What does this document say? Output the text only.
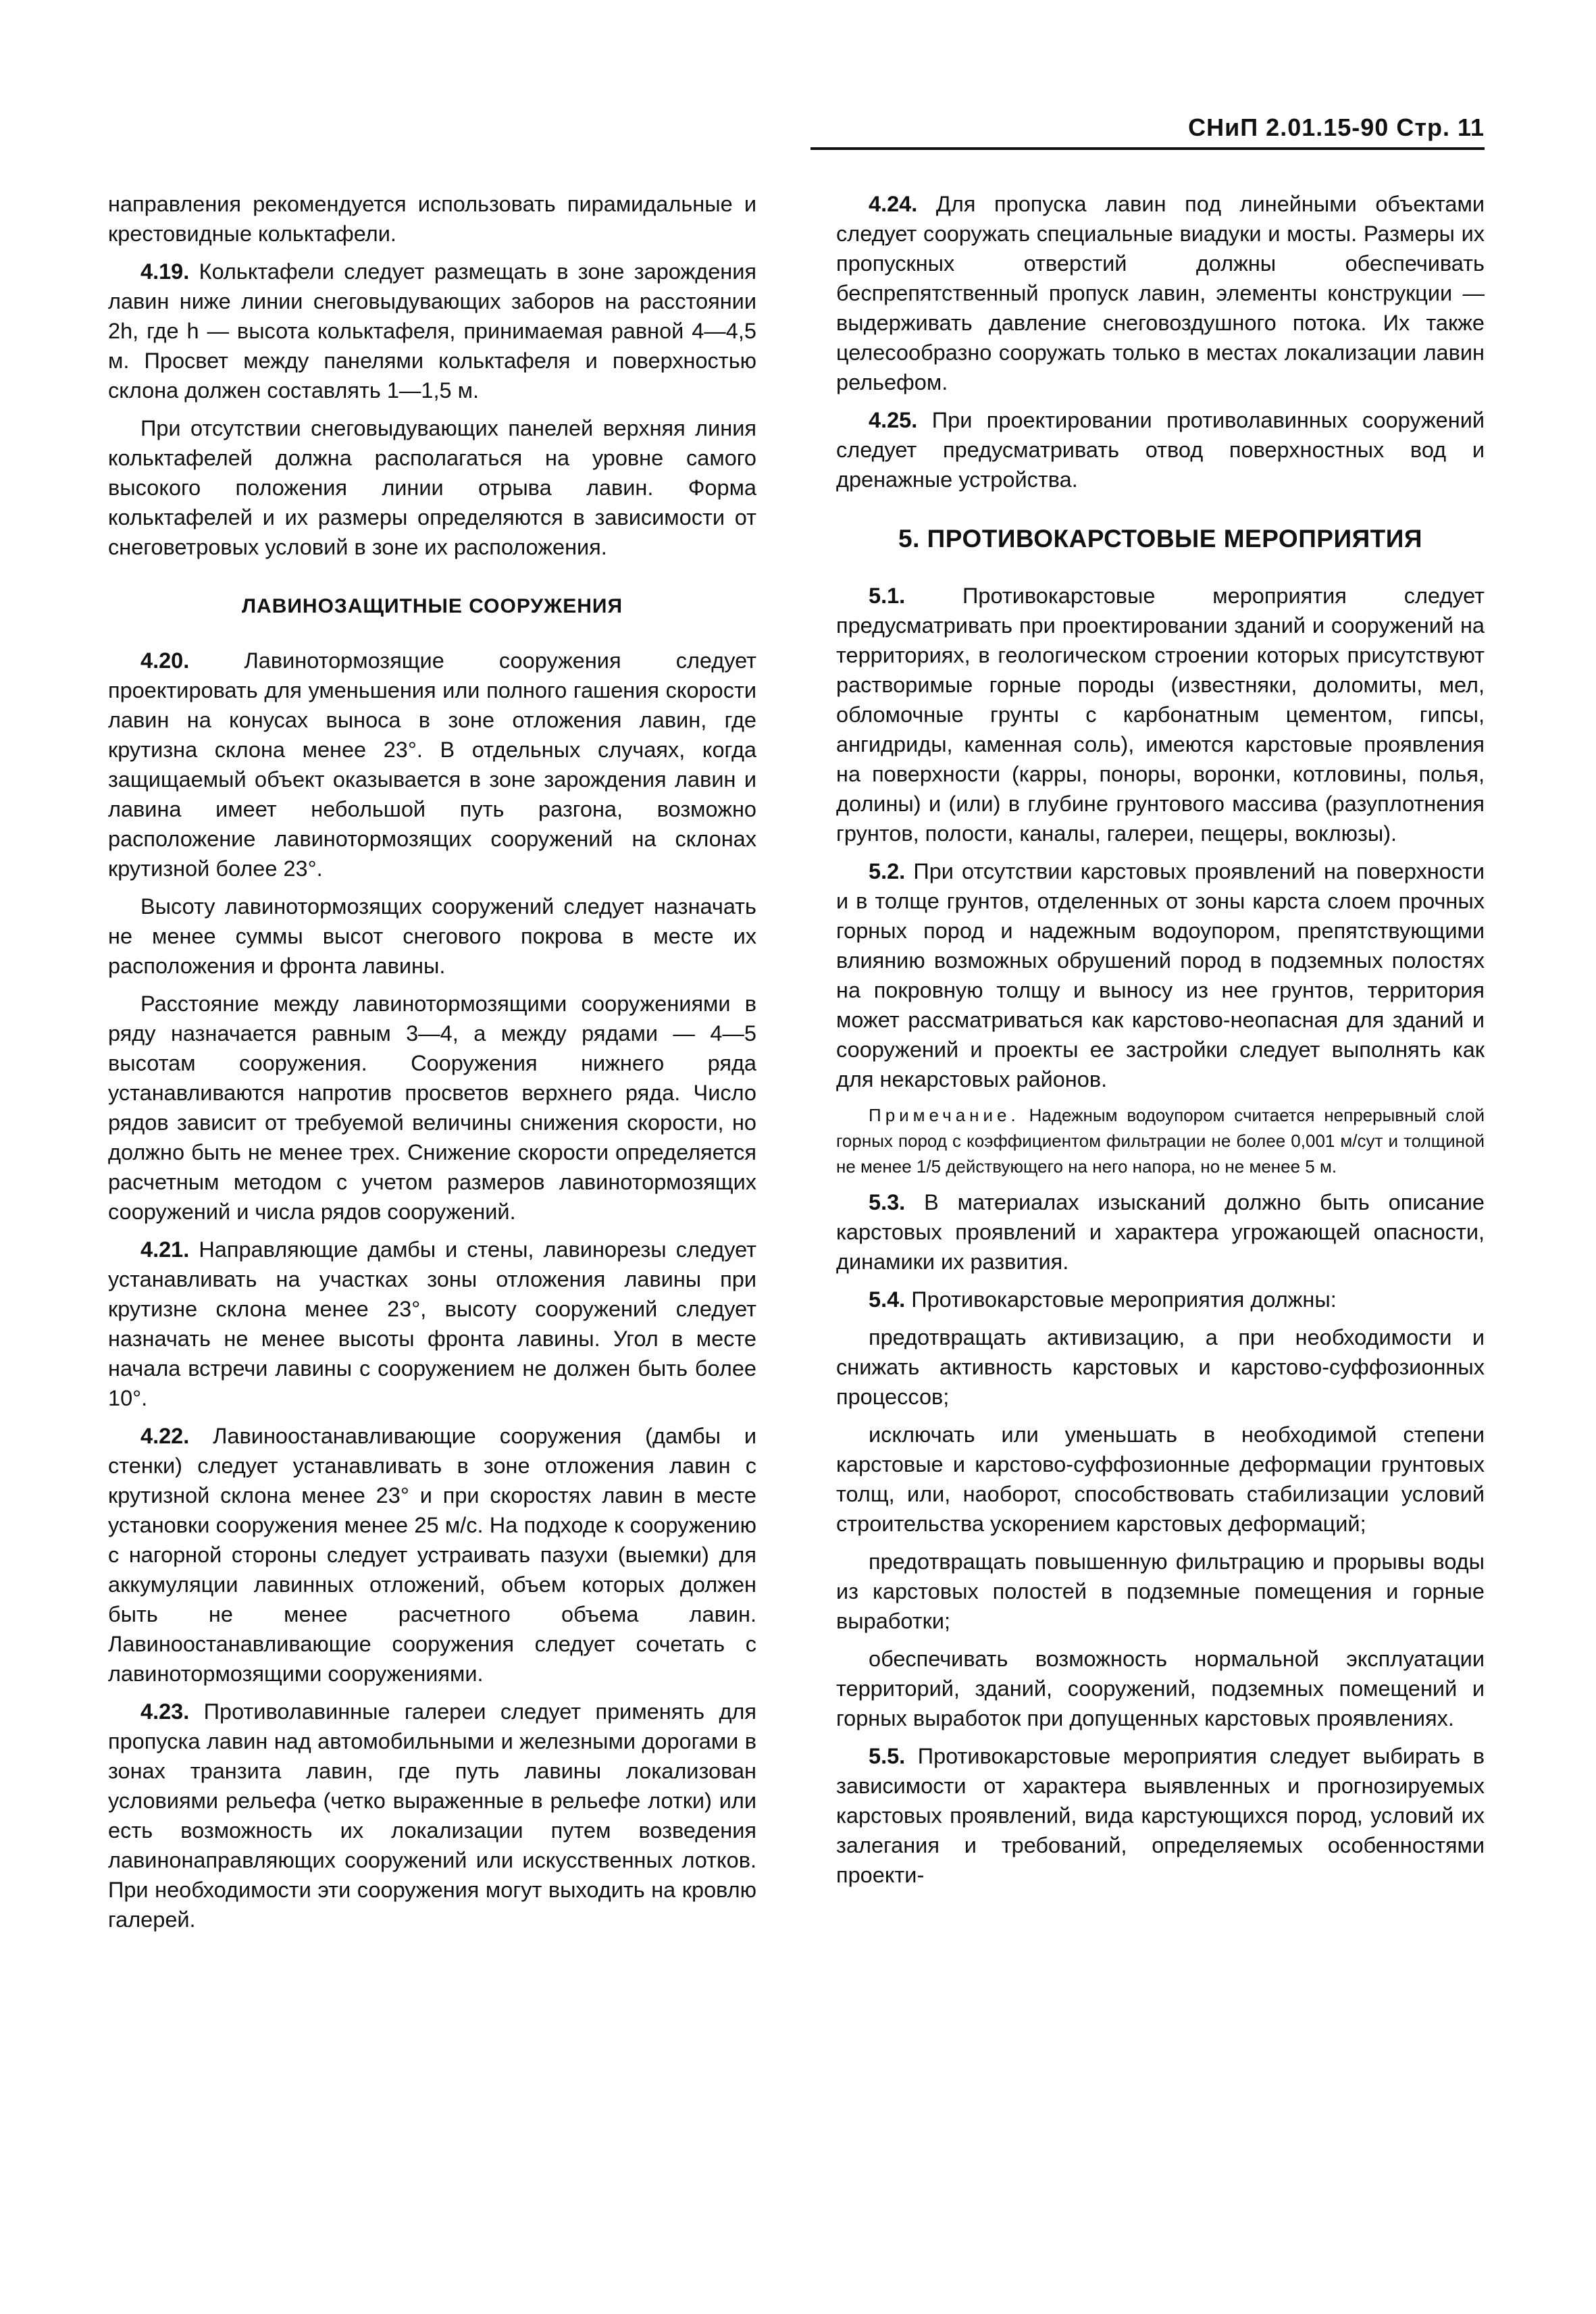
СНиП 2.01.15-90 Стр. 11

направления рекомендуется использовать пирамидальные и крестовидные кольктафели.

4.19. Кольктафели следует размещать в зоне зарождения лавин ниже линии снеговыдувающих заборов на расстоянии 2h, где h — высота кольктафеля, принимаемая равной 4—4,5 м. Просвет между панелями кольктафеля и поверхностью склона должен составлять 1—1,5 м.

При отсутствии снеговыдувающих панелей верхняя линия кольктафелей должна располагаться на уровне самого высокого положения линии отрыва лавин. Форма кольктафелей и их размеры определяются в зависимости от снеговетровых условий в зоне их расположения.

ЛАВИНОЗАЩИТНЫЕ СООРУЖЕНИЯ

4.20. Лавинотормозящие сооружения следует проектировать для уменьшения или полного гашения скорости лавин на конусах выноса в зоне отложения лавин, где крутизна склона менее 23°. В отдельных случаях, когда защищаемый объект оказывается в зоне зарождения лавин и лавина имеет небольшой путь разгона, возможно расположение лавинотормозящих сооружений на склонах крутизной более 23°.

Высоту лавинотормозящих сооружений следует назначать не менее суммы высот снегового покрова в месте их расположения и фронта лавины.

Расстояние между лавинотормозящими сооружениями в ряду назначается равным 3—4, а между рядами — 4—5 высотам сооружения. Сооружения нижнего ряда устанавливаются напротив просветов верхнего ряда. Число рядов зависит от требуемой величины снижения скорости, но должно быть не менее трех. Снижение скорости определяется расчетным методом с учетом размеров лавинотормозящих сооружений и числа рядов сооружений.

4.21. Направляющие дамбы и стены, лавинорезы следует устанавливать на участках зоны отложения лавины при крутизне склона менее 23°, высоту сооружений следует назначать не менее высоты фронта лавины. Угол в месте начала встречи лавины с сооружением не должен быть более 10°.

4.22. Лавиноостанавливающие сооружения (дамбы и стенки) следует устанавливать в зоне отложения лавин с крутизной склона менее 23° и при скоростях лавин в месте установки сооружения менее 25 м/с. На подходе к сооружению с нагорной стороны следует устраивать пазухи (выемки) для аккумуляции лавинных отложений, объем которых должен быть не менее расчетного объема лавин. Лавиноостанавливающие сооружения следует сочетать с лавинотормозящими сооружениями.

4.23. Противолавинные галереи следует применять для пропуска лавин над автомобильными и железными дорогами в зонах транзита лавин, где путь лавины локализован условиями рельефа (четко выраженные в рельефе лотки) или есть возможность их локализации путем возведения лавинонаправляющих сооружений или искусственных лотков. При необходимости эти сооружения могут выходить на кровлю галерей.

4.24. Для пропуска лавин под линейными объектами следует сооружать специальные виадуки и мосты. Размеры их пропускных отверстий должны обеспечивать беспрепятственный пропуск лавин, элементы конструкции — выдерживать давление снеговоздушного потока. Их также целесообразно сооружать только в местах локализации лавин рельефом.

4.25. При проектировании противолавинных сооружений следует предусматривать отвод поверхностных вод и дренажные устройства.

5. ПРОТИВОКАРСТОВЫЕ МЕРОПРИЯТИЯ

5.1.	Противокарстовые мероприятия следует предусматривать при проектировании зданий и сооружений на территориях, в геологическом строении которых присутствуют растворимые горные породы (известняки, доломиты, мел, обломочные грунты с карбонатным цементом, гипсы, ангидриды, каменная соль), имеются карстовые проявления на поверхности (карры, поноры, воронки, котловины, полья, долины) и (или) в глубине грунтового массива (разуплотнения грунтов, полости, каналы, галереи, пещеры, воклюзы).

5.2. При отсутствии карстовых проявлений на поверхности и в толще грунтов, отделенных от зоны карста слоем прочных горных пород и надежным водоупором, препятствующими влиянию возможных обрушений пород в подземных полостях на покровную толщу и выносу из нее грунтов, территория может рассматриваться как карстово-неопасная для зданий и сооружений и проекты ее застройки следует выполнять как для некарстовых районов.

Примечание. Надежным водоупором считается непрерывный слой горных пород с коэффициентом фильтрации не более 0,001 м/сут и толщиной не менее 1/5 действующего на него напора, но не менее 5 м.

5.3. В материалах изысканий должно быть описание карстовых проявлений и характера угрожающей опасности, динамики их развития.

5.4. Противокарстовые мероприятия должны:

предотвращать активизацию, а при необходимости и снижать активность карстовых и карстово-суффозионных процессов;

исключать или уменьшать в необходимой степени карстовые и карстово-суффозионные деформации грунтовых толщ, или, наоборот, способствовать стабилизации условий строительства ускорением карстовых деформаций;

предотвращать повышенную фильтрацию и прорывы воды из карстовых полостей в подземные помещения и горные выработки;

обеспечивать возможность нормальной эксплуатации территорий, зданий, сооружений, подземных помещений и горных выработок при допущенных карстовых проявлениях.

5.5. Противокарстовые мероприятия следует выбирать в зависимости от характера выявленных и прогнозируемых карстовых проявлений, вида карстующихся пород, условий их залегания и требований, определяемых особенностями проекти-
